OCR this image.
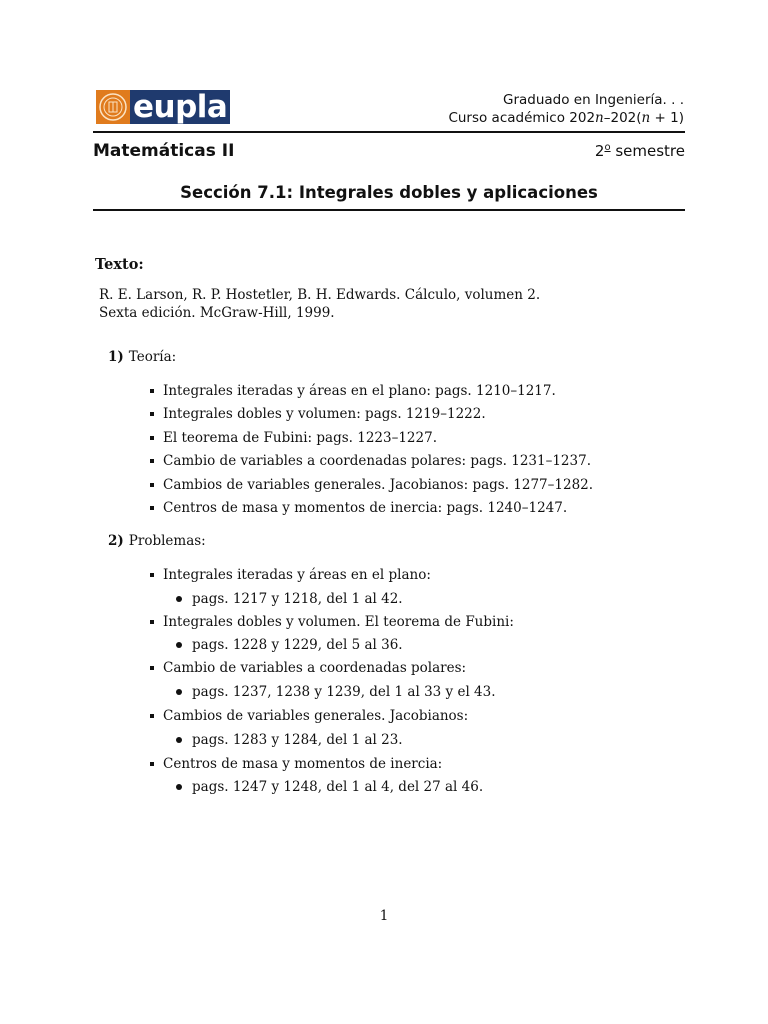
eupla	Graduado en Ingeniería. . .
Curso académico 202n–202(n + 1)
Matemáticas II	2$^o$ semestre
Sección 7.1: Integrales dobles y aplicaciones
Texto:
R. E. Larson, R. P. Hostetler, B. H. Edwards. Cálculo, volumen 2.
Sexta edición. McGraw-Hill, 1999.
1) Teoría:
Integrales iteradas y áreas en el plano: pags. 1210–1217.
Integrales dobles y volumen: pags. 1219–1222.
El teorema de Fubini: pags. 1223–1227.
Cambio de variables a coordenadas polares: pags. 1231–1237.
Cambios de variables generales. Jacobianos: pags. 1277–1282.
Centros de masa y momentos de inercia: pags. 1240–1247.
2) Problemas:
Integrales iteradas y áreas en el plano:
pags. 1217 y 1218, del 1 al 42.
Integrales dobles y volumen. El teorema de Fubini:
pags. 1228 y 1229, del 5 al 36.
Cambio de variables a coordenadas polares:
pags. 1237, 1238 y 1239, del 1 al 33 y el 43.
Cambios de variables generales. Jacobianos:
pags. 1283 y 1284, del 1 al 23.
Centros de masa y momentos de inercia:
pags. 1247 y 1248, del 1 al 4, del 27 al 46.
1
